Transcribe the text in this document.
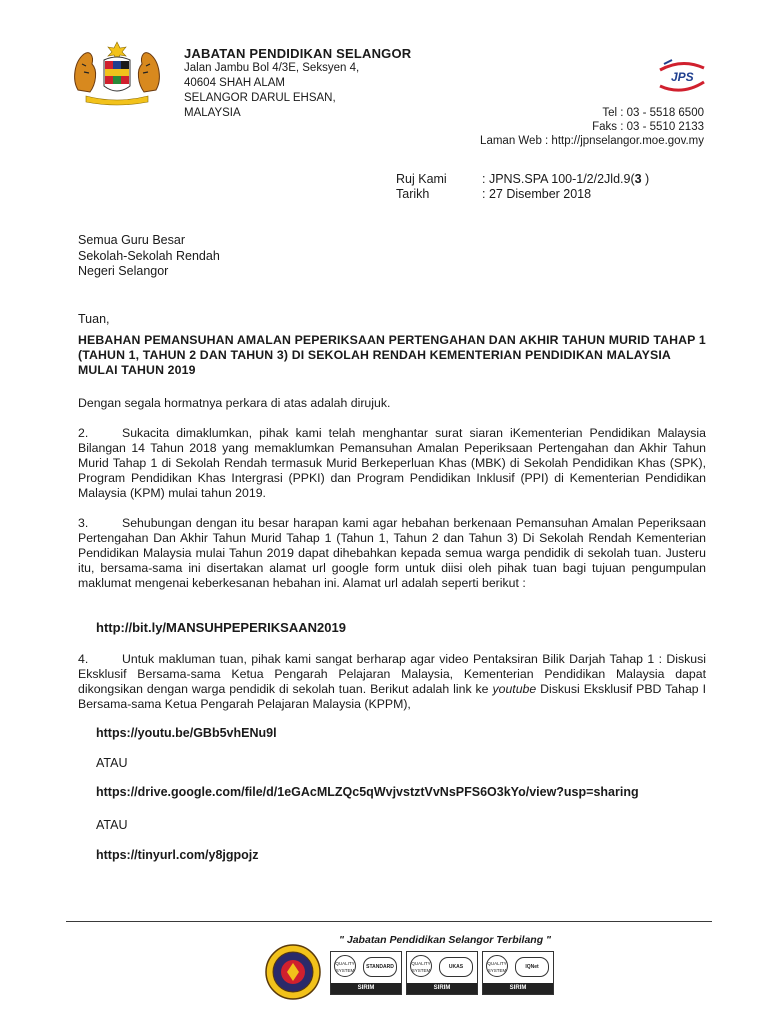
JABATAN PENDIDIKAN SELANGOR
Jalan Jambu Bol 4/3E, Seksyen 4,
40604 SHAH ALAM
SELANGOR DARUL EHSAN,
MALAYSIA
JPS
Tel : 03 - 5518 6500
Faks : 03 - 5510 2133
Laman Web : http://jpnselangor.moe.gov.my
Ruj Kami	: JPNS.SPA 100-1/2/2Jld.9(3 )
Tarikh	: 27 Disember 2018
Semua Guru Besar
Sekolah-Sekolah Rendah
Negeri Selangor
Tuan,
HEBAHAN PEMANSUHAN AMALAN PEPERIKSAAN PERTENGAHAN DAN AKHIR TAHUN MURID TAHAP 1 (TAHUN 1, TAHUN 2 DAN TAHUN 3) DI SEKOLAH RENDAH KEMENTERIAN PENDIDIKAN MALAYSIA MULAI TAHUN 2019
Dengan segala hormatnya perkara di atas adalah dirujuk.
2.	Sukacita dimaklumkan, pihak kami telah menghantar surat siaran iKementerian Pendidikan Malaysia Bilangan 14 Tahun 2018 yang memaklumkan Pemansuhan Amalan Peperiksaan Pertengahan dan Akhir Tahun Murid Tahap 1 di Sekolah Rendah termasuk Murid Berkeperluan Khas (MBK) di Sekolah Pendidikan Khas (SPK), Program Pendidikan Khas Intergrasi (PPKI) dan Program Pendidikan Inklusif (PPI) di Kementerian Pendidikan Malaysia (KPM) mulai tahun 2019.
3.	Sehubungan dengan itu besar harapan kami agar hebahan berkenaan Pemansuhan Amalan Peperiksaan Pertengahan Dan Akhir Tahun Murid Tahap 1 (Tahun 1, Tahun 2 dan Tahun 3) Di Sekolah Rendah Kementerian Pendidikan Malaysia mulai Tahun 2019 dapat dihebahkan kepada semua warga pendidik di sekolah tuan. Justeru itu, bersama-sama ini disertakan alamat url google form untuk diisi oleh pihak tuan bagi tujuan pengumpulan maklumat mengenai keberkesanan hebahan ini. Alamat url adalah seperti berikut :
http://bit.ly/MANSUHPEPERIKSAAN2019
4.	Untuk makluman tuan, pihak kami sangat berharap agar video Pentaksiran Bilik Darjah Tahap 1 : Diskusi Eksklusif Bersama-sama Ketua Pengarah Pelajaran Malaysia, Kementerian Pendidikan Malaysia dapat dikongsikan dengan warga pendidik di sekolah tuan. Berikut adalah link ke youtube Diskusi Eksklusif PBD Tahap I Bersama-sama Ketua Pengarah Pelajaran Malaysia (KPPM),
https://youtu.be/GBb5vhENu9l
ATAU
https://drive.google.com/file/d/1eGAcMLZQc5qWvjvstztVvNsPFS6O3kYo/view?usp=sharing
ATAU
https://tinyurl.com/y8jgpojz
" Jabatan Pendidikan Selangor Terbilang "
QUALITY SYSTEM
STANDARD
SIRIM
QUALITY SYSTEM
UKAS
SIRIM
QUALITY SYSTEM
IQNet
SIRIM
